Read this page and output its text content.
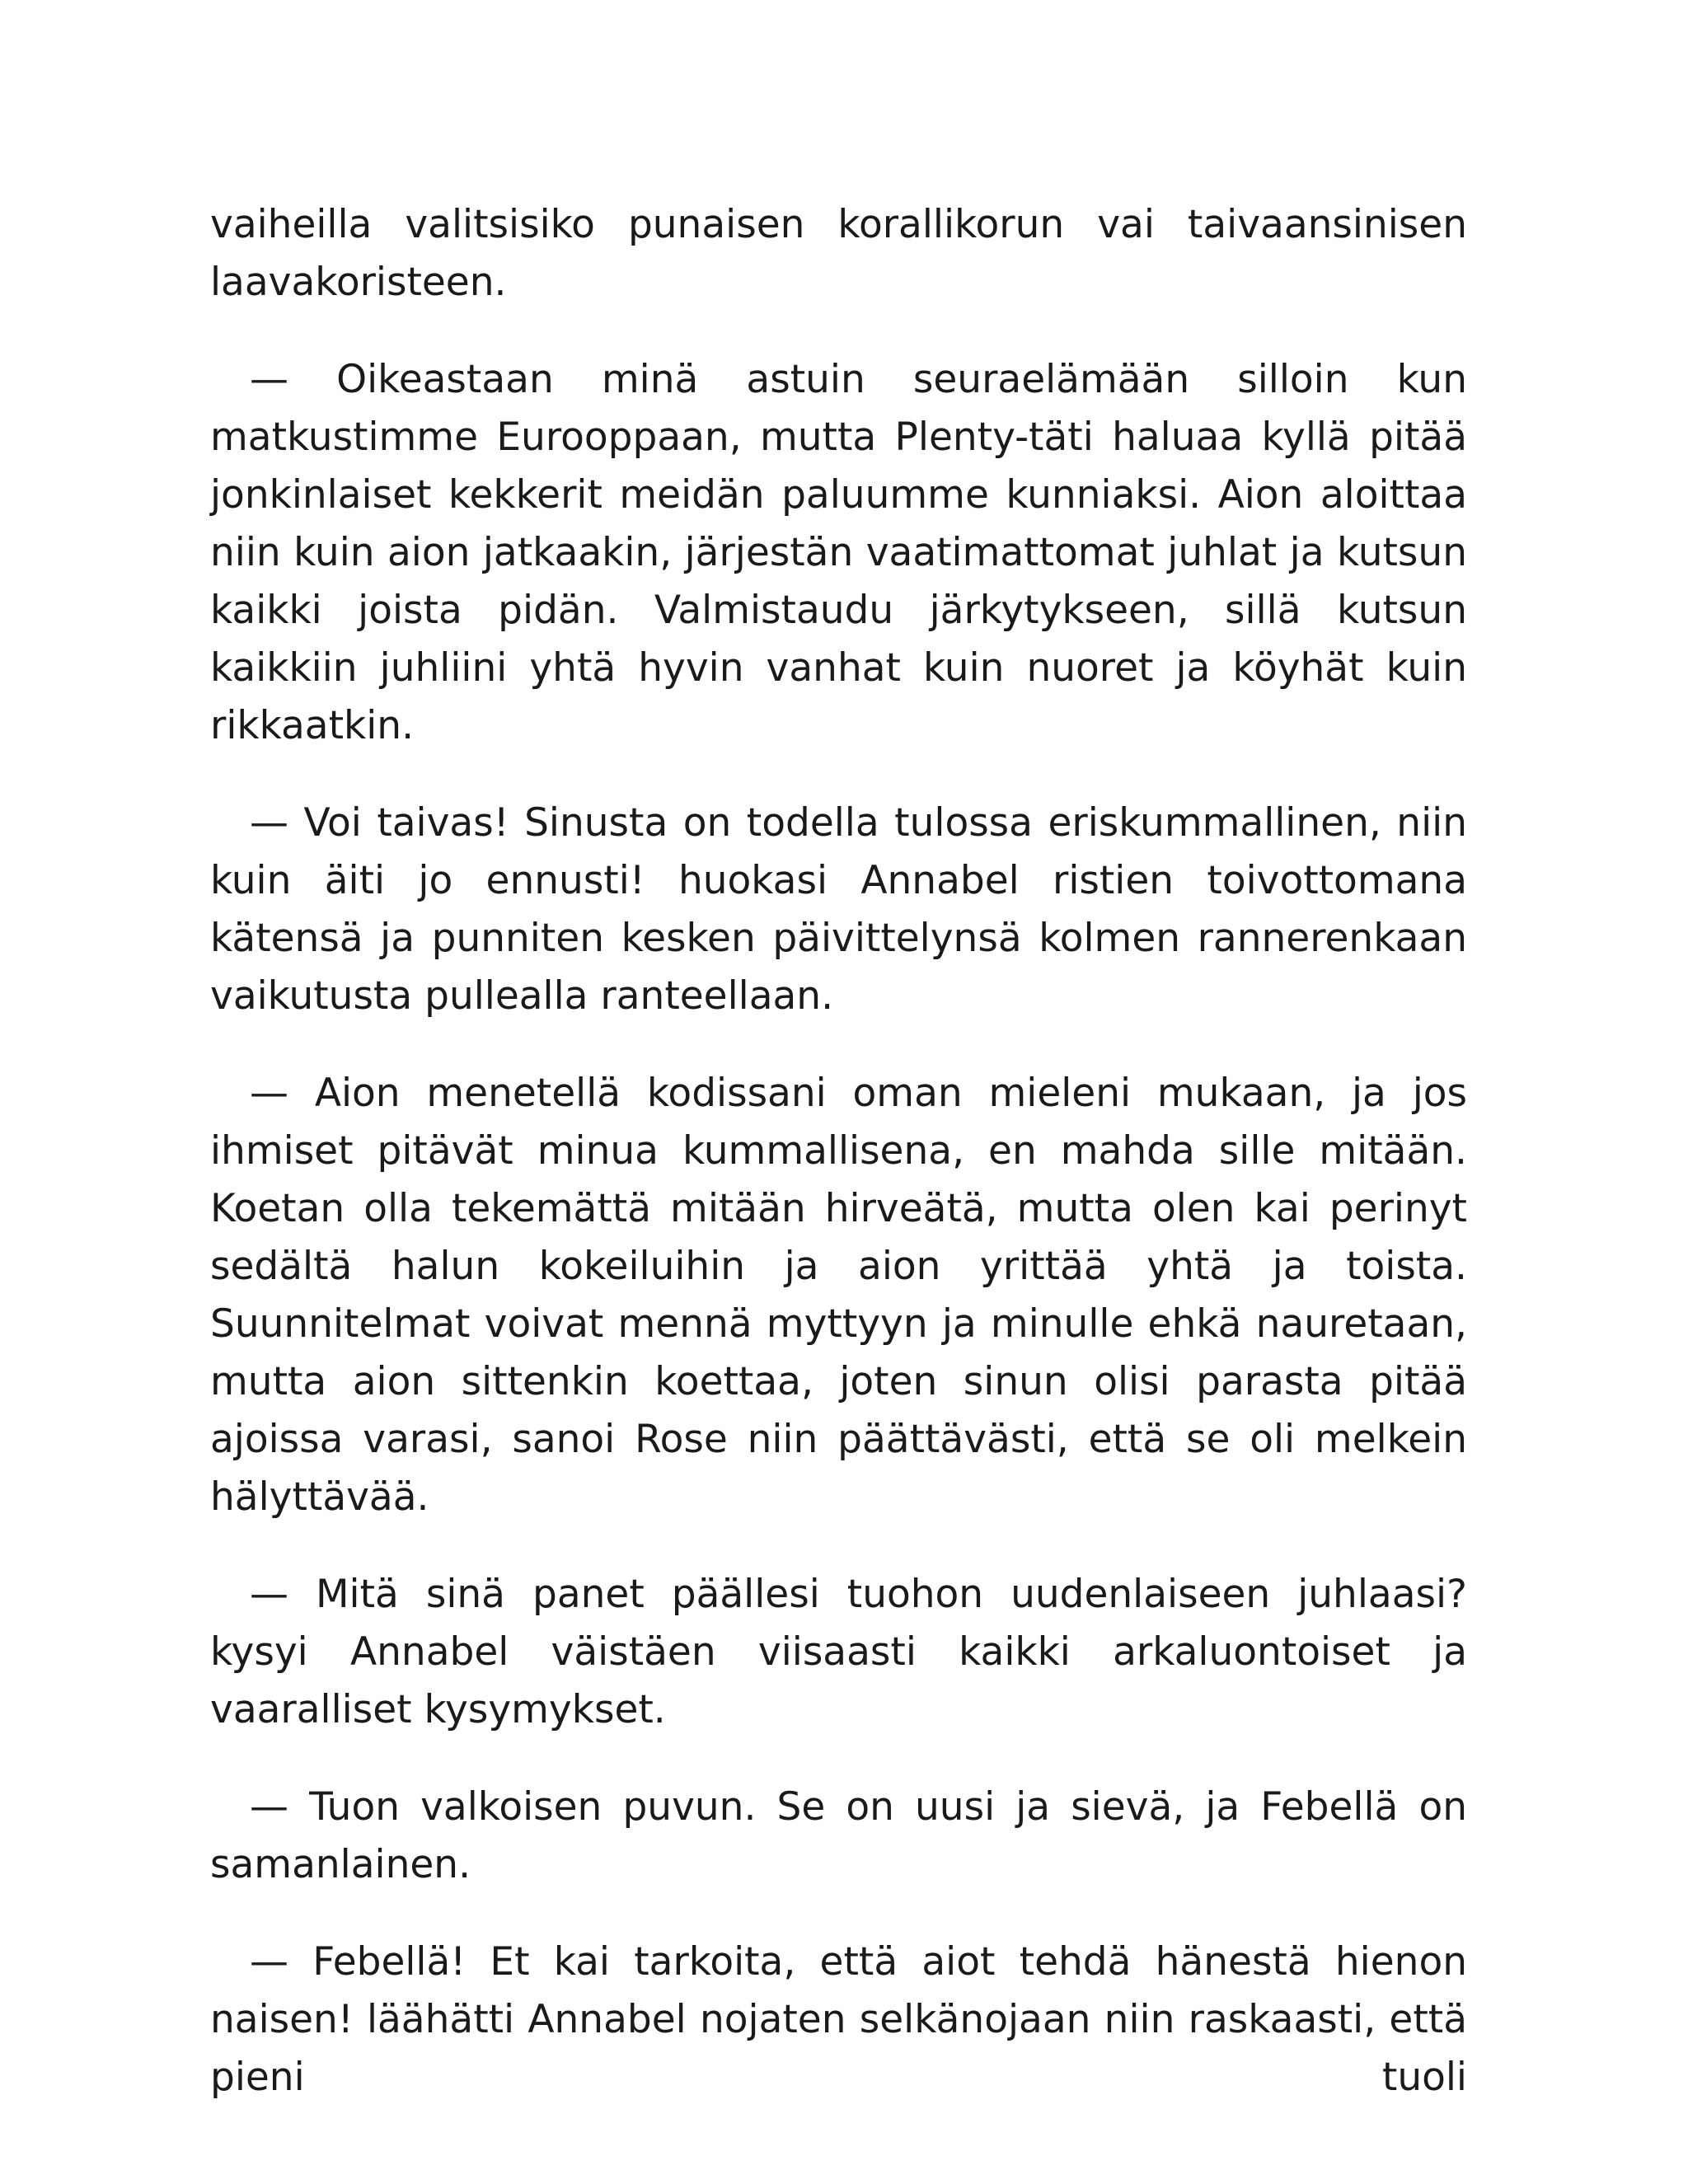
vaiheilla valitsisiko punaisen korallikorun vai taivaansinisen laavakoristeen.

— Oikeastaan minä astuin seuraelämään silloin kun matkustimme Eurooppaan, mutta Plenty-täti haluaa kyllä pitää jonkinlaiset kekkerit meidän paluumme kunniaksi. Aion aloittaa niin kuin aion jatkaakin, järjestän vaatimattomat juhlat ja kutsun kaikki joista pidän. Valmistaudu järkytykseen, sillä kutsun kaikkiin juhliini yhtä hyvin vanhat kuin nuoret ja köyhät kuin rikkaatkin.

— Voi taivas! Sinusta on todella tulossa eriskummallinen, niin kuin äiti jo ennusti! huokasi Annabel ristien toivottomana kätensä ja punniten kesken päivittelynsä kolmen rannerenkaan vaikutusta pullealla ranteellaan.

— Aion menetellä kodissani oman mieleni mukaan, ja jos ihmiset pitävät minua kummallisena, en mahda sille mitään. Koetan olla tekemättä mitään hirveätä, mutta olen kai perinyt sedältä halun kokeiluihin ja aion yrittää yhtä ja toista. Suunnitelmat voivat mennä myttyyn ja minulle ehkä nauretaan, mutta aion sittenkin koettaa, joten sinun olisi parasta pitää ajoissa varasi, sanoi Rose niin päättävästi, että se oli melkein hälyttävää.

— Mitä sinä panet päällesi tuohon uudenlaiseen juhlaasi? kysyi Annabel väistäen viisaasti kaikki arkaluontoiset ja vaaralliset kysymykset.

— Tuon valkoisen puvun. Se on uusi ja sievä, ja Febellä on samanlainen.

— Febellä! Et kai tarkoita, että aiot tehdä hänestä hienon naisen! läähätti Annabel nojaten selkänojaan niin raskaasti, että pieni tuoli
